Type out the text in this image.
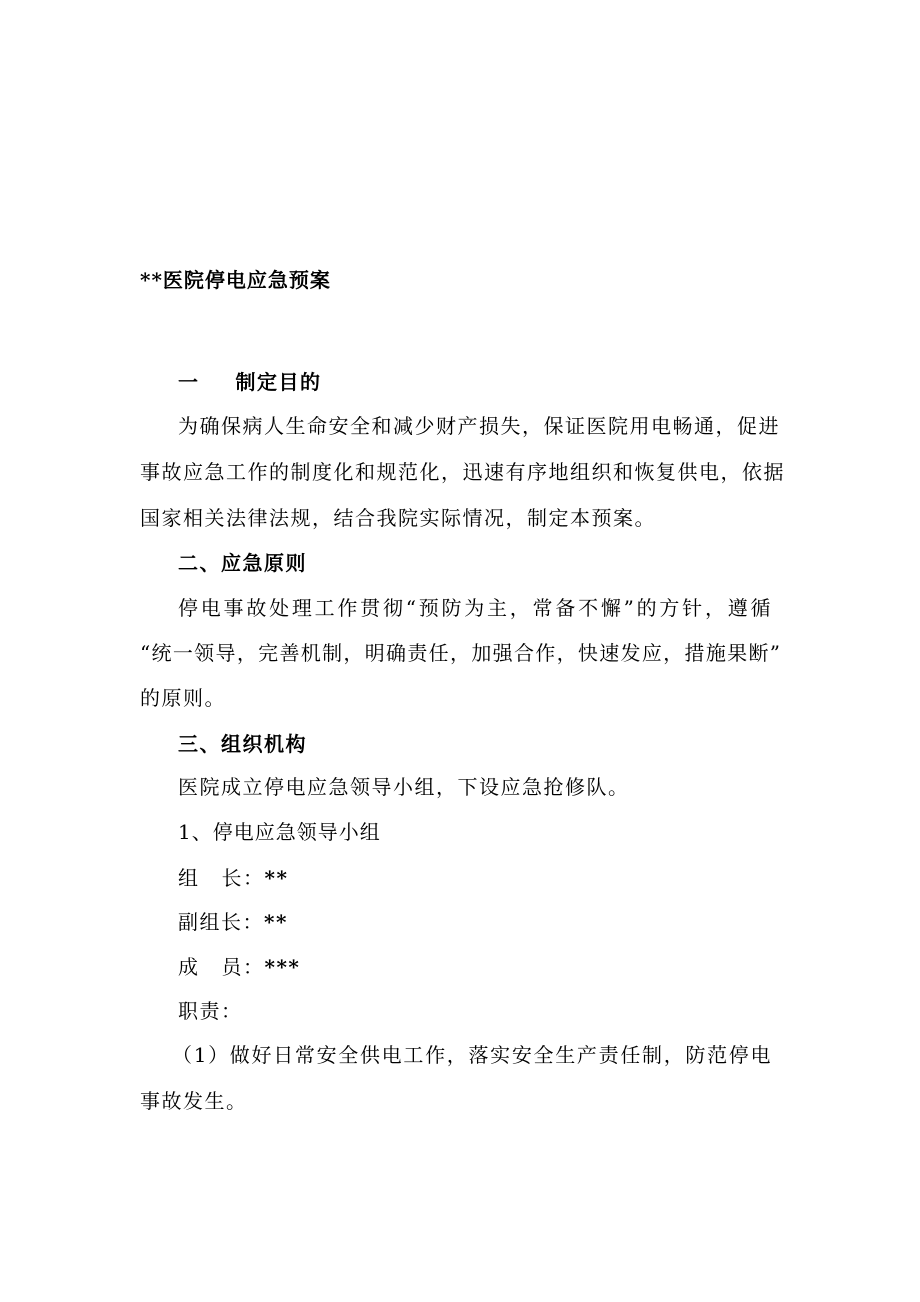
**医院停电应急预案
一 制定目的
为确保病人生命安全和减少财产损失，保证医院用电畅通，促进
事故应急工作的制度化和规范化，迅速有序地组织和恢复供电，依据
国家相关法律法规，结合我院实际情况，制定本预案。
二、应急原则
停电事故处理工作贯彻“预防为主，常备不懈”的方针，遵循
“统一领导，完善机制，明确责任，加强合作，快速发应，措施果断”
的原则。
三、组织机构
医院成立停电应急领导小组，下设应急抢修队。
1、停电应急领导小组
组 长：**
副组长：**
成 员：***
职责：
（1）做好日常安全供电工作，落实安全生产责任制，防范停电
事故发生。
